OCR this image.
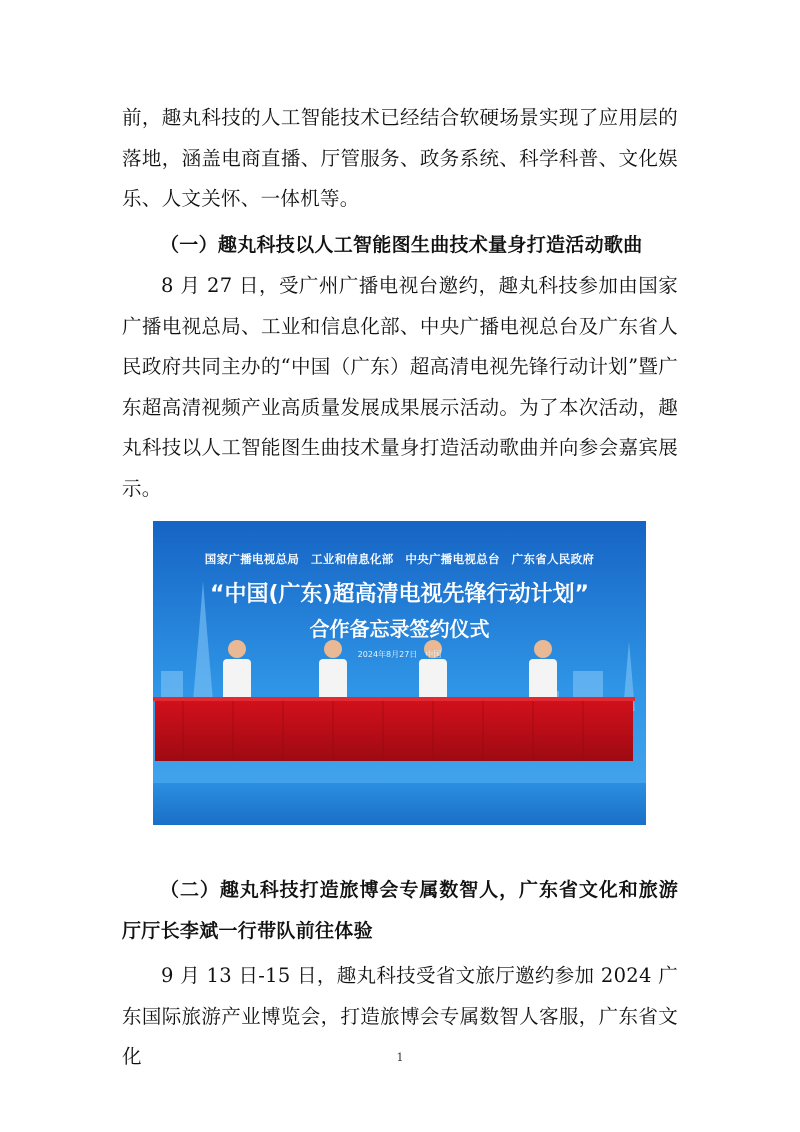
前，趣丸科技的人工智能技术已经结合软硬场景实现了应用层的落地，涵盖电商直播、厅管服务、政务系统、科学科普、文化娱乐、人文关怀、一体机等。
（一）趣丸科技以人工智能图生曲技术量身打造活动歌曲
8 月 27 日，受广州广播电视台邀约，趣丸科技参加由国家广播电视总局、工业和信息化部、中央广播电视总台及广东省人民政府共同主办的“中国（广东）超高清电视先锋行动计划”暨广东超高清视频产业高质量发展成果展示活动。为了本次活动，趣丸科技以人工智能图生曲技术量身打造活动歌曲并向参会嘉宾展示。
国家广播电视总局　工业和信息化部　中央广播电视总台　广东省人民政府
“中国(广东)超高清电视先锋行动计划”
合作备忘录签约仪式
2024年8月27日　中国
（二）趣丸科技打造旅博会专属数智人，广东省文化和旅游厅厅长李斌一行带队前往体验
9 月 13 日-15 日，趣丸科技受省文旅厅邀约参加 2024 广东国际旅游产业博览会，打造旅博会专属数智人客服，广东省文化	1
